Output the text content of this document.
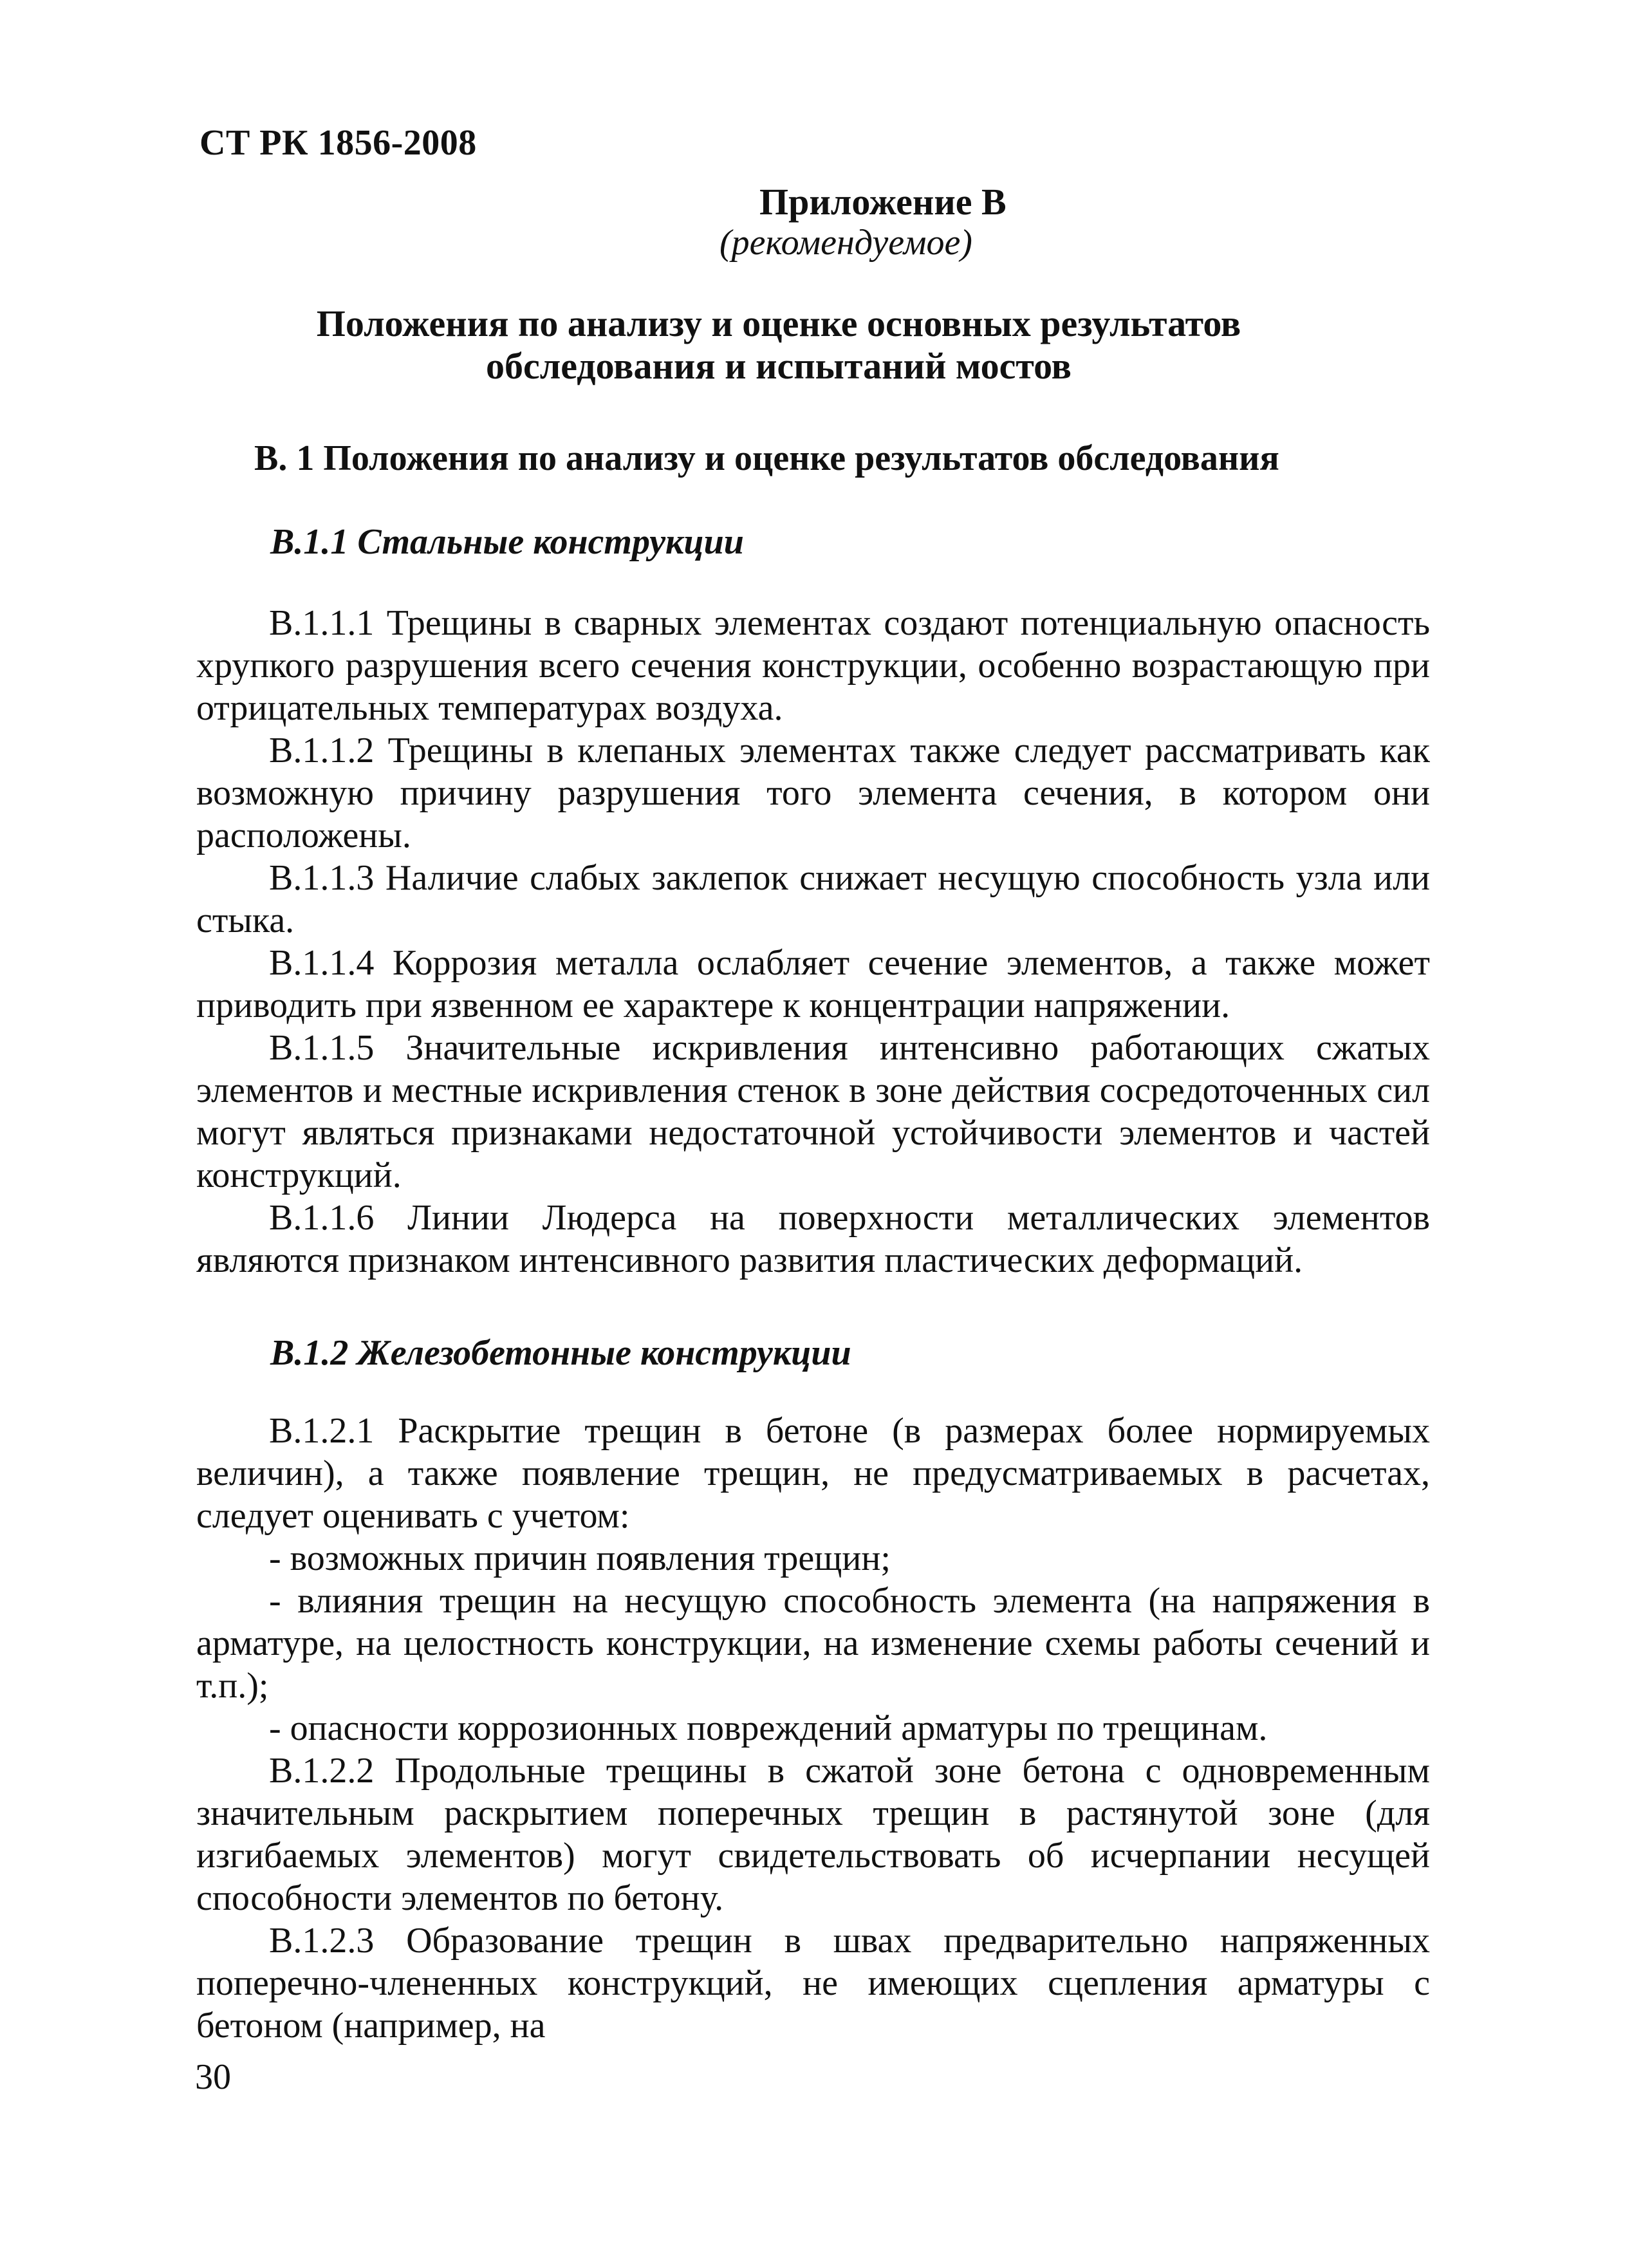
СТ РК 1856-2008
Приложение В
(рекомендуемое)
Положения по анализу и оценке основных результатов
обследования и испытаний мостов
В. 1 Положения по анализу и оценке результатов обследования
В.1.1 Стальные конструкции

В.1.1.1 Трещины в сварных элементах создают потенциальную опасность хрупкого разрушения всего сечения конструкции, особенно возрастающую при отрицательных температурах воздуха.

В.1.1.2 Трещины в клепаных элементах также следует рассматривать как возможную причину разрушения того элемента сечения, в котором они расположены.

В.1.1.3 Наличие слабых заклепок снижает несущую способность узла или стыка.

В.1.1.4 Коррозия металла ослабляет сечение элементов, а также может приводить при язвенном ее характере к концентрации напряжении.

В.1.1.5 Значительные искривления интенсивно работающих сжатых элементов и местные искривления стенок в зоне действия сосредоточенных сил могут являться признаками недостаточной устойчивости элементов и частей конструкций.

В.1.1.6 Линии Людерса на поверхности металлических элементов являются признаком интенсивного развития пластических деформаций.

В.1.2 Железобетонные конструкции

В.1.2.1 Раскрытие трещин в бетоне (в размерах более нормируемых величин), а также появление трещин, не предусматриваемых в расчетах, следует оценивать с учетом:

- возможных причин появления трещин;

- влияния трещин на несущую способность элемента (на напряжения в арматуре, на целостность конструкции, на изменение схемы работы сечений и т.п.);

- опасности коррозионных повреждений арматуры по трещинам.

В.1.2.2 Продольные трещины в сжатой зоне бетона с одновременным значительным раскрытием поперечных трещин в растянутой зоне (для изгибаемых элементов) могут свидетельствовать об исчерпании несущей способности элементов по бетону.

В.1.2.3 Образование трещин в швах предварительно напряженных поперечно-члененных конструкций, не имеющих сцепления арматуры с бетоном (например, на

30
